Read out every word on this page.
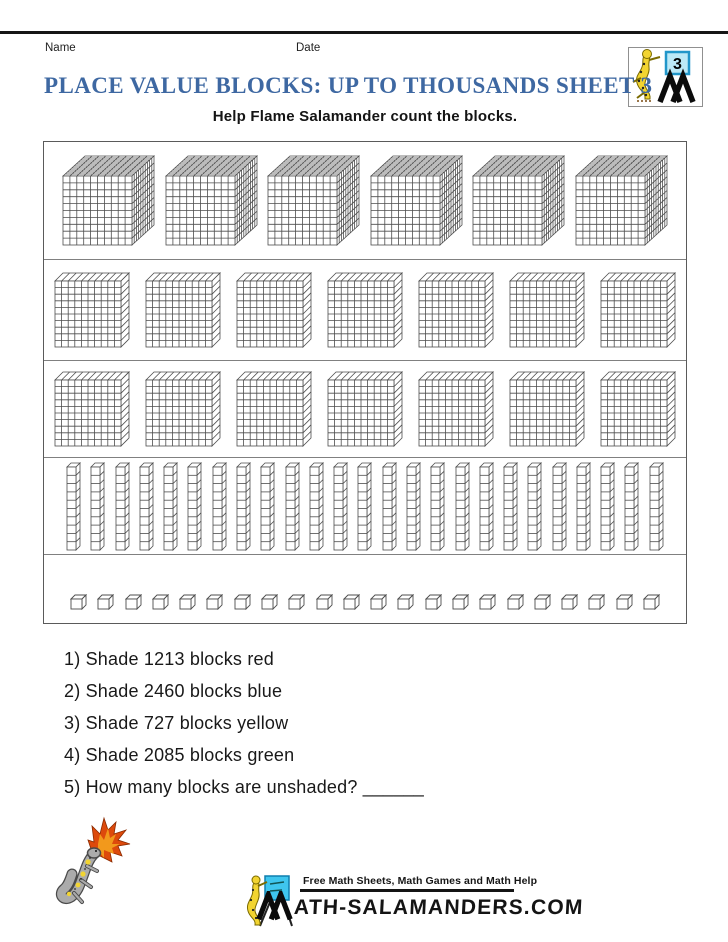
Name	Date
3
PLACE VALUE BLOCKS: UP TO THOUSANDS SHEET 3
Help Flame Salamander count the blocks.
1) Shade 1213 blocks red
2) Shade 2460 blocks blue
3) Shade 727 blocks yellow
4) Shade 2085 blocks green
5) How many blocks are unshaded? ______
Free Math Sheets, Math Games and Math Help
ATH-SALAMANDERS.COM
